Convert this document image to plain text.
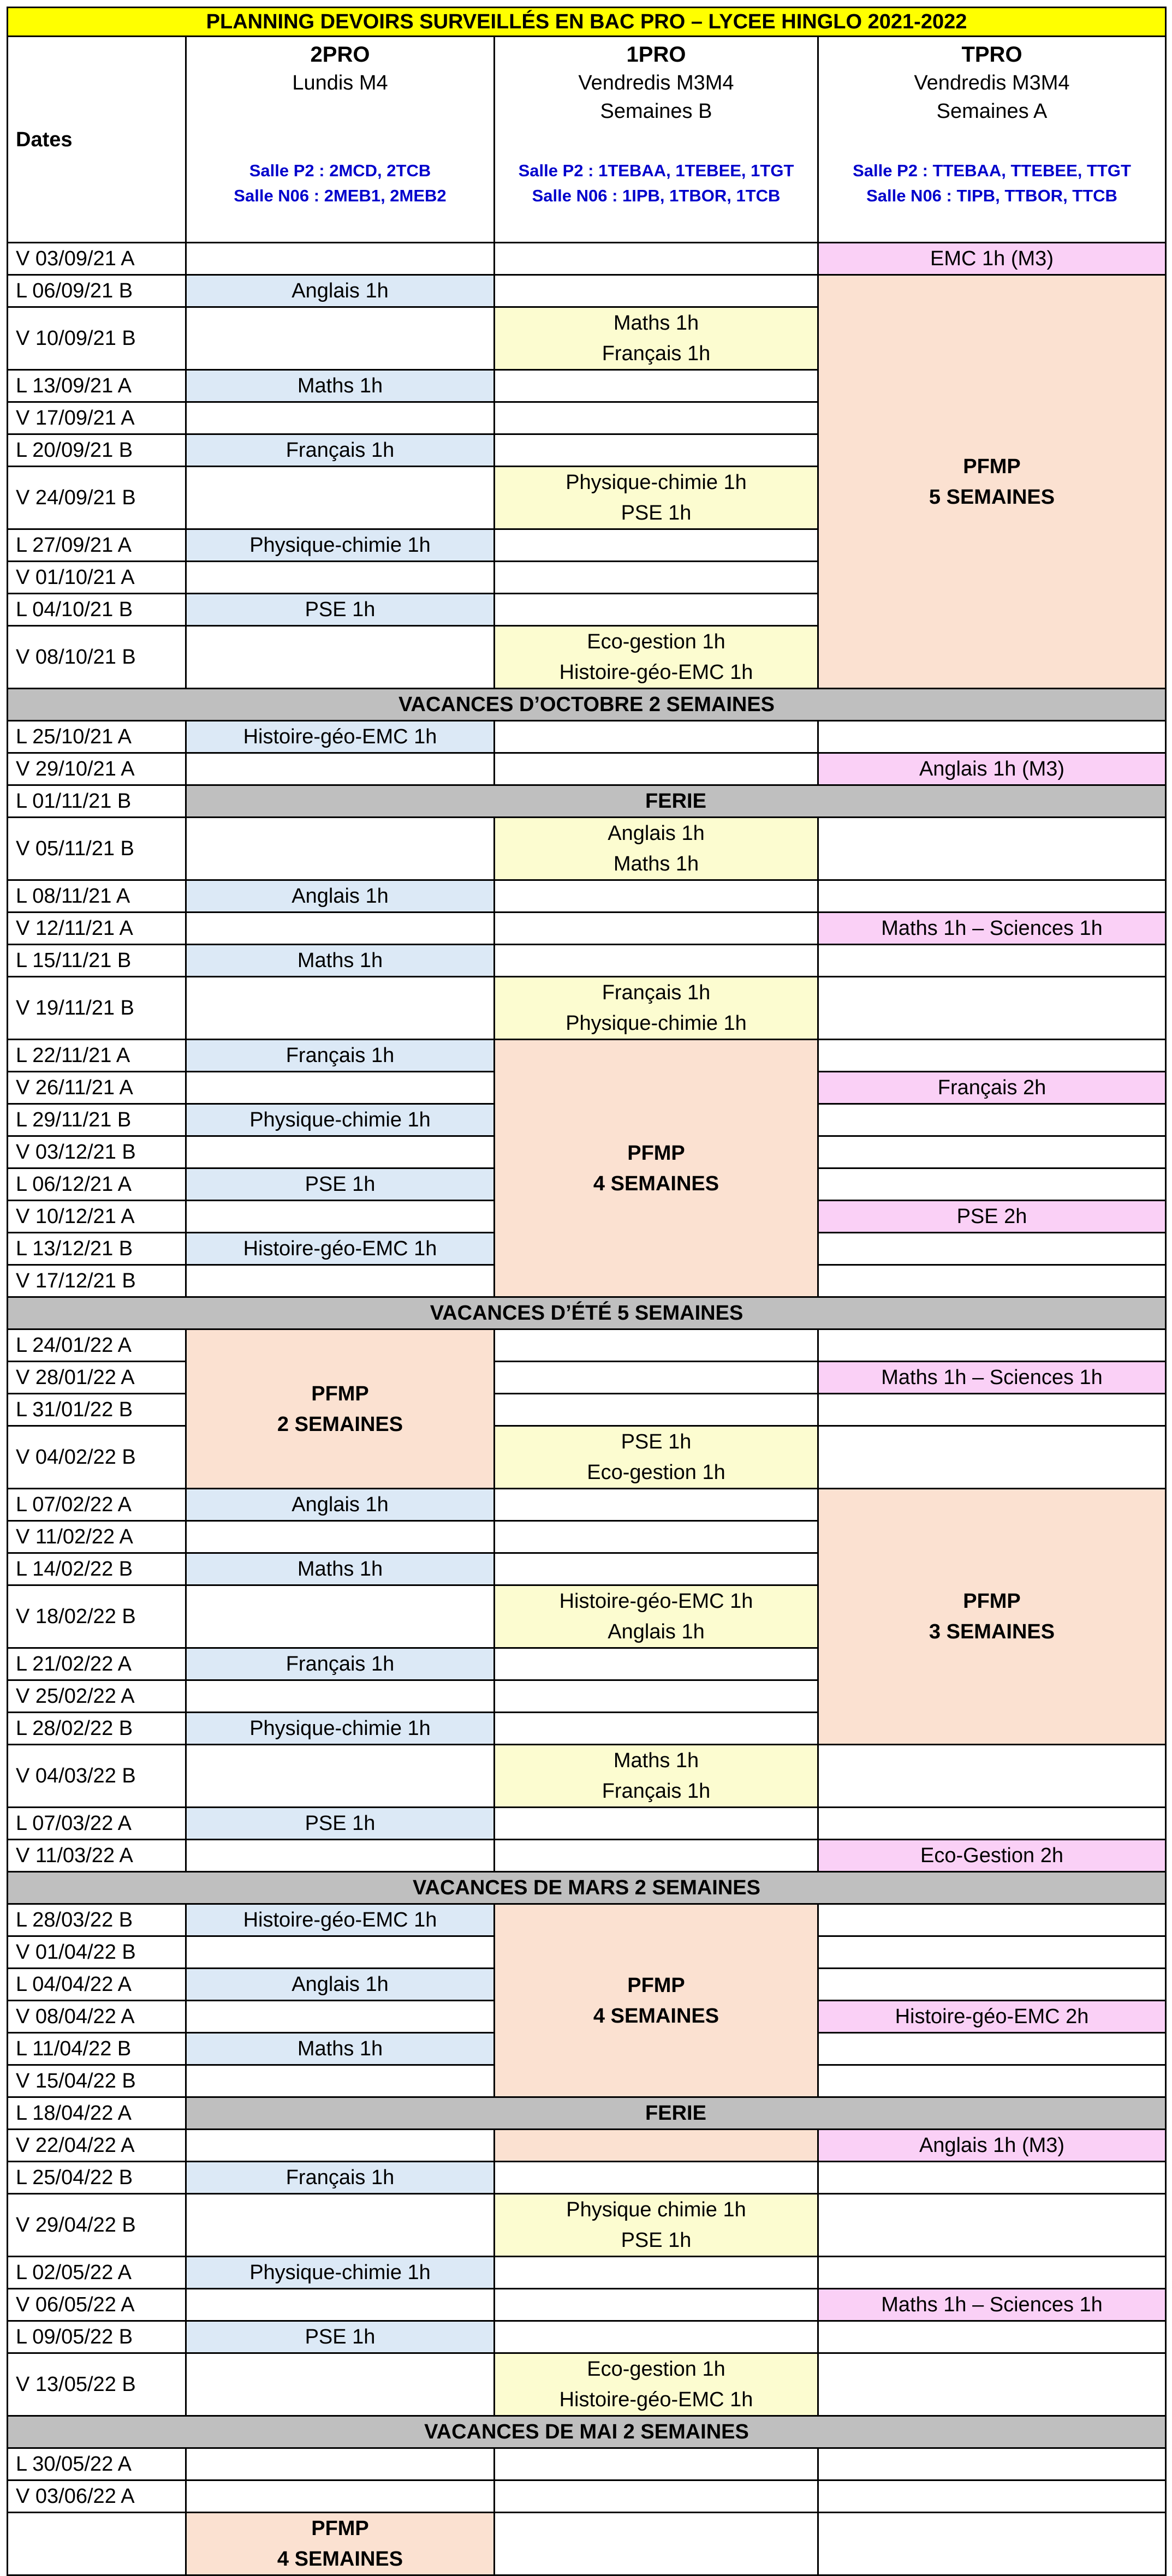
PLANNING DEVOIRS SURVEILLÉS EN BAC PRO – LYCEE HINGLO 2021-2022				
Dates	2PRO
Lundis M4

Salle P2 : 2MCD, 2TCB
Salle N06 : 2MEB1, 2MEB2	1PRO
Vendredis M3M4
Semaines B
Salle P2 : 1TEBAA, 1TEBEE, 1TGT
Salle N06 : 1IPB, 1TBOR, 1TCB	TPRO
Vendredis M3M4
Semaines A
Salle P2 : TTEBAA, TTEBEE, TTGT
Salle N06 : TIPB, TTBOR, TTCB	

V 03/09/21 A			EMC 1h (M3)	
L 06/09/21 B	Anglais 1h		PFMP
5 SEMAINES	
V 10/09/21 B		Maths 1h
Français 1h		
L 13/09/21 A	Maths 1h			
V 17/09/21 A				
L 20/09/21 B	Français 1h			
V 24/09/21 B		Physique-chimie 1h
PSE 1h		
L 27/09/21 A	Physique-chimie 1h			
V 01/10/21 A				
L 04/10/21 B	PSE 1h			
V 08/10/21 B		Eco-gestion 1h
Histoire-géo-EMC 1h		
VACANCES D’OCTOBRE 2 SEMAINES				
L 25/10/21 A	Histoire-géo-EMC 1h			
V 29/10/21 A			Anglais 1h (M3)	
L 01/11/21 B	FERIE			
V 05/11/21 B		Anglais 1h
Maths 1h		
L 08/11/21 A	Anglais 1h			
V 12/11/21 A			Maths 1h – Sciences 1h	
L 15/11/21 B	Maths 1h			
V 19/11/21 B		Français 1h
Physique-chimie 1h		
L 22/11/21 A	Français 1h	PFMP
4 SEMAINES		
V 26/11/21 A			Français 2h	
L 29/11/21 B	Physique-chimie 1h			
V 03/12/21 B				
L 06/12/21 A	PSE 1h			
V 10/12/21 A			PSE 2h	
L 13/12/21 B	Histoire-géo-EMC 1h			
V 17/12/21 B				
VACANCES D’ÉTÉ 5 SEMAINES				
L 24/01/22 A	PFMP
2 SEMAINES			
V 28/01/22 A			Maths 1h – Sciences 1h	
L 31/01/22 B				
V 04/02/22 B		PSE 1h
Eco-gestion 1h		
L 07/02/22 A	Anglais 1h		PFMP
3 SEMAINES	
V 11/02/22 A				
L 14/02/22 B	Maths 1h			
V 18/02/22 B		Histoire-géo-EMC 1h
Anglais 1h		
L 21/02/22 A	Français 1h			
V 25/02/22 A				
L 28/02/22 B	Physique-chimie 1h			
V 04/03/22 B		Maths 1h
Français 1h		
L 07/03/22 A	PSE 1h			
V 11/03/22 A			Eco-Gestion 2h	
VACANCES DE MARS 2 SEMAINES				
L 28/03/22 B	Histoire-géo-EMC 1h	PFMP
4 SEMAINES		
V 01/04/22 B				
L 04/04/22 A	Anglais 1h			
V 08/04/22 A			Histoire-géo-EMC 2h	
L 11/04/22 B	Maths 1h			
V 15/04/22 B				
L 18/04/22 A	FERIE			
V 22/04/22 A			Anglais 1h (M3)	
L 25/04/22 B	Français 1h			
V 29/04/22 B		Physique chimie 1h
PSE 1h		
L 02/05/22 A	Physique-chimie 1h			
V 06/05/22 A			Maths 1h – Sciences 1h	
L 09/05/22 B	PSE 1h			
V 13/05/22 B		Eco-gestion 1h
Histoire-géo-EMC 1h		
VACANCES DE MAI 2 SEMAINES				
L 30/05/22 A				
V 03/06/22 A				
	PFMP
4 SEMAINES			
